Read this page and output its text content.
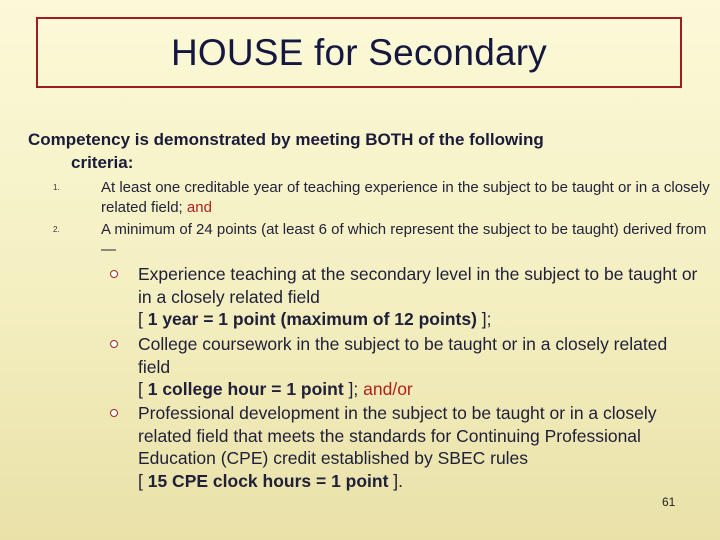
HOUSE for Secondary
Competency is demonstrated by meeting BOTH of the following
criteria:
1.	At least one creditable year of teaching experience in the subject to be taught or in a closely related field; and
2.	A minimum of 24 points (at least 6 of which represent the subject to be taught) derived from—
Experience teaching at the secondary level in the subject to be taught or in a closely related field
[ 1 year = 1 point (maximum of 12 points) ];
College coursework in the subject to be taught or in a closely related field
[ 1 college hour = 1 point ]; and/or
Professional development in the subject to be taught or in a closely related field that meets the standards for Continuing Professional Education (CPE) credit established by SBEC rules
[ 15 CPE clock hours = 1 point ].
61
